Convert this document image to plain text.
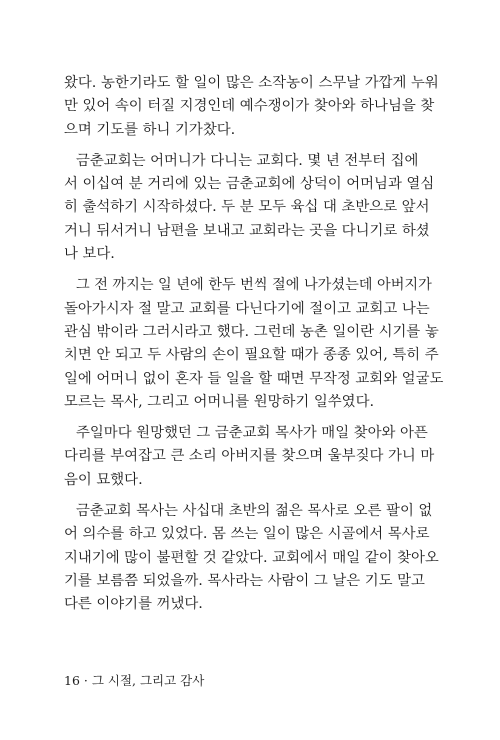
왔다. 농한기라도 할 일이 많은 소작농이 스무날 가깝게 누워
만 있어 속이 터질 지경인데 예수쟁이가 찾아와 하나님을 찾
으며 기도를 하니 기가찼다.
금춘교회는 어머니가 다니는 교회다. 몇 년 전부터 집에
서 이십여 분 거리에 있는 금춘교회에 상덕이 어머님과 열심
히 출석하기 시작하셨다. 두 분 모두 육십 대 초반으로 앞서
거니 뒤서거니 남편을 보내고 교회라는 곳을 다니기로 하셨
나 보다.
그 전 까지는 일 년에 한두 번씩 절에 나가셨는데 아버지가
돌아가시자 절 말고 교회를 다닌다기에 절이고 교회고 나는
관심 밖이라 그러시라고 했다. 그런데 농촌 일이란 시기를 놓
치면 안 되고 두 사람의 손이 필요할 때가 종종 있어, 특히 주
일에 어머니 없이 혼자 들 일을 할 때면 무작정 교회와 얼굴도
모르는 목사, 그리고 어머니를 원망하기 일쑤였다.
주일마다 원망했던 그 금춘교회 목사가 매일 찾아와 아픈
다리를 부여잡고 큰 소리 아버지를 찾으며 울부짖다 가니 마
음이 묘했다.
금춘교회 목사는 사십대 초반의 젊은 목사로 오른 팔이 없
어 의수를 하고 있었다. 몸 쓰는 일이 많은 시골에서 목사로
지내기에 많이 불편할 것 같았다. 교회에서 매일 같이 찾아오
기를 보름쯤 되었을까. 목사라는 사람이 그 날은 기도 말고
다른 이야기를 꺼냈다.
16 · 그 시절, 그리고 감사
